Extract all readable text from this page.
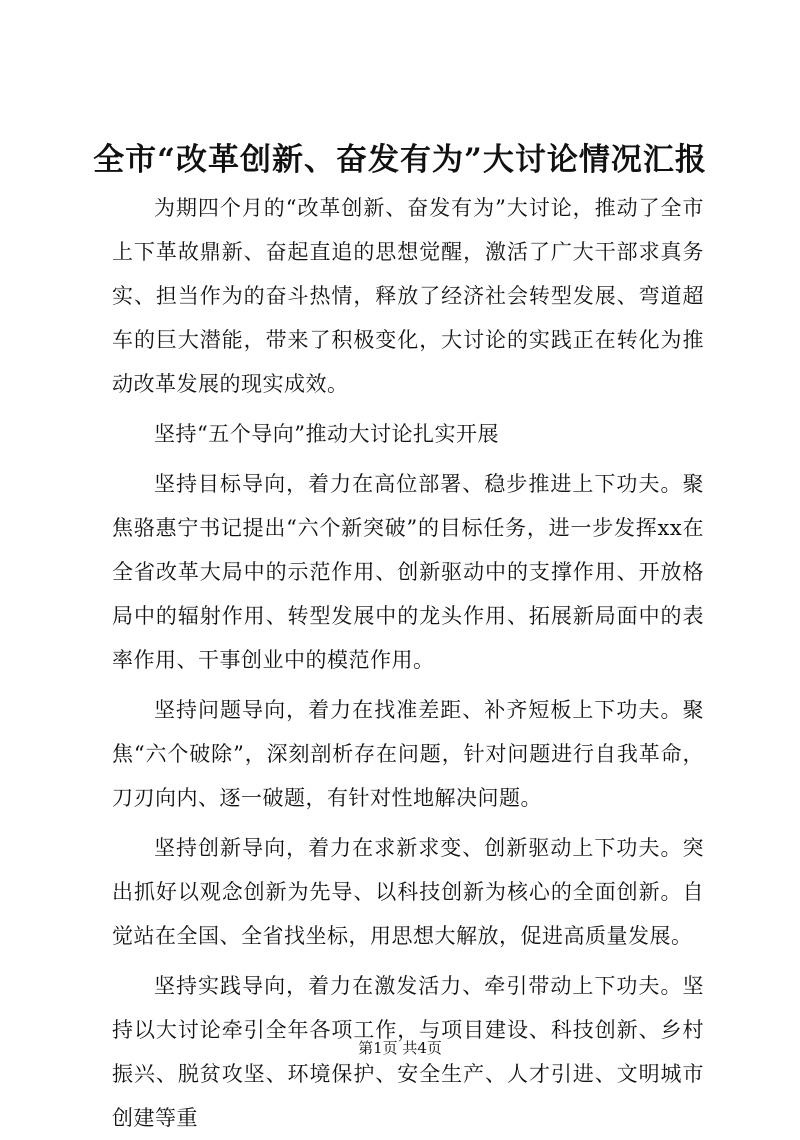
全市“改革创新、奋发有为”大讨论情况汇报

为期四个月的“改革创新、奋发有为”大讨论，推动了全市上下革故鼎新、奋起直追的思想觉醒，激活了广大干部求真务实、担当作为的奋斗热情，释放了经济社会转型发展、弯道超车的巨大潜能，带来了积极变化，大讨论的实践正在转化为推动改革发展的现实成效。

坚持“五个导向”推动大讨论扎实开展

坚持目标导向，着力在高位部署、稳步推进上下功夫。聚焦骆惠宁书记提出“六个新突破”的目标任务，进一步发挥xx在全省改革大局中的示范作用、创新驱动中的支撑作用、开放格局中的辐射作用、转型发展中的龙头作用、拓展新局面中的表率作用、干事创业中的模范作用。

坚持问题导向，着力在找准差距、补齐短板上下功夫。聚焦“六个破除”，深刻剖析存在问题，针对问题进行自我革命，刀刃向内、逐一破题，有针对性地解决问题。

坚持创新导向，着力在求新求变、创新驱动上下功夫。突出抓好以观念创新为先导、以科技创新为核心的全面创新。自觉站在全国、全省找坐标，用思想大解放，促进高质量发展。

坚持实践导向，着力在激发活力、牵引带动上下功夫。坚持以大讨论牵引全年各项工作，与项目建设、科技创新、乡村振兴、脱贫攻坚、环境保护、安全生产、人才引进、文明城市创建等重

第1页 共4页
